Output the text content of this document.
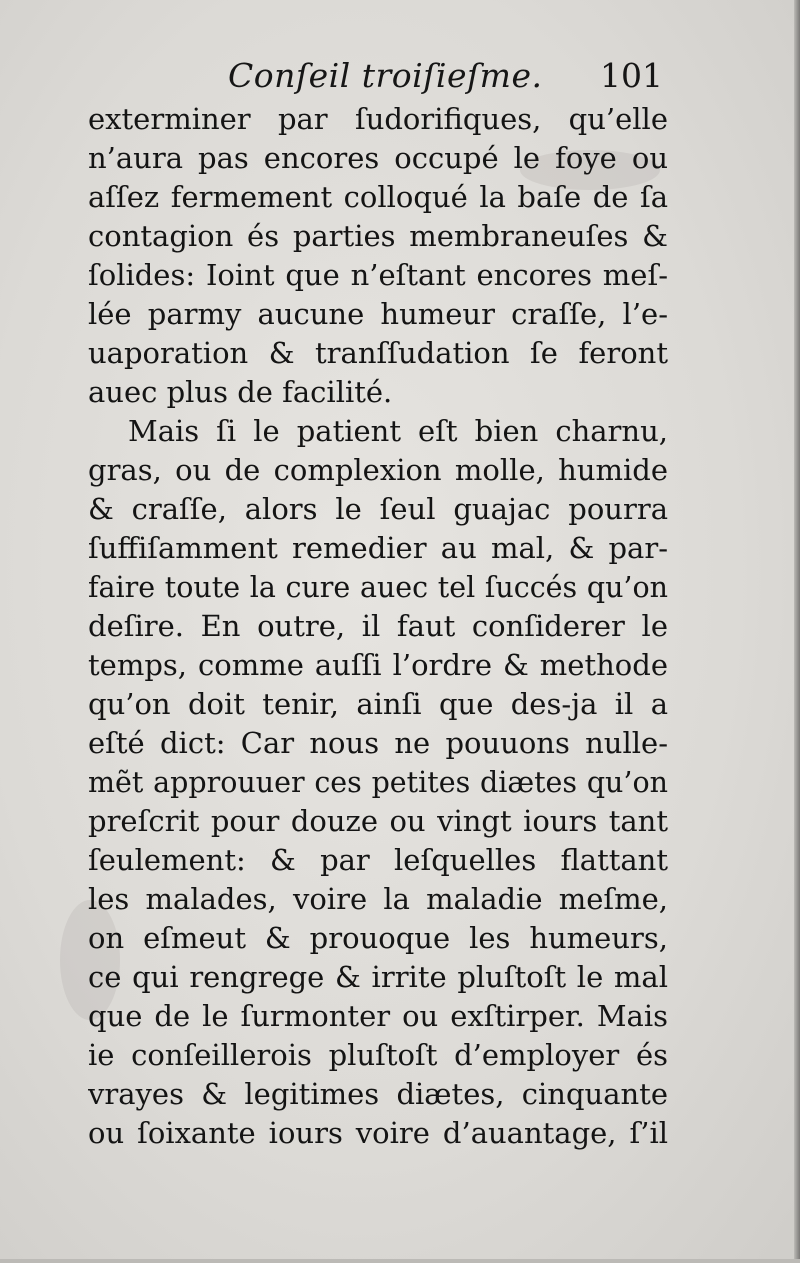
Conſeil troiſieſme. 101
exterminer par ſudorifiques, qu’elle
n’aura pas encores occupé le foye ou
aſſez fermement colloqué la baſe de ſa
contagion és parties membraneuſes &
ſolides: Ioint que n’eſtant encores meſ-
lée parmy aucune humeur craſſe, l’e-
uaporation & tranſſudation ſe feront
auec plus de facilité.
Mais ſi le patient eſt bien charnu,
gras, ou de complexion molle, humide
& craſſe, alors le ſeul guajac pourra
ſuffiſamment remedier au mal, & par-
faire toute la cure auec tel ſuccés qu’on
deſire. En outre, il faut conſiderer le
temps, comme auſſi l’ordre & methode
qu’on doit tenir, ainſi que des-ja il a
eſté dict: Car nous ne pouuons nulle-
mẽt approuuer ces petites diætes qu’on
preſcrit pour douze ou vingt iours tant
ſeulement: & par leſquelles flattant
les malades, voire la maladie meſme,
on eſmeut & prouoque les humeurs,
ce qui rengrege & irrite pluſtoſt le mal
que de le ſurmonter ou exſtirper. Mais
ie conſeillerois pluſtoſt d’employer és
vrayes & legitimes diætes, cinquante
ou ſoixante iours voire d’auantage, ſ’il
